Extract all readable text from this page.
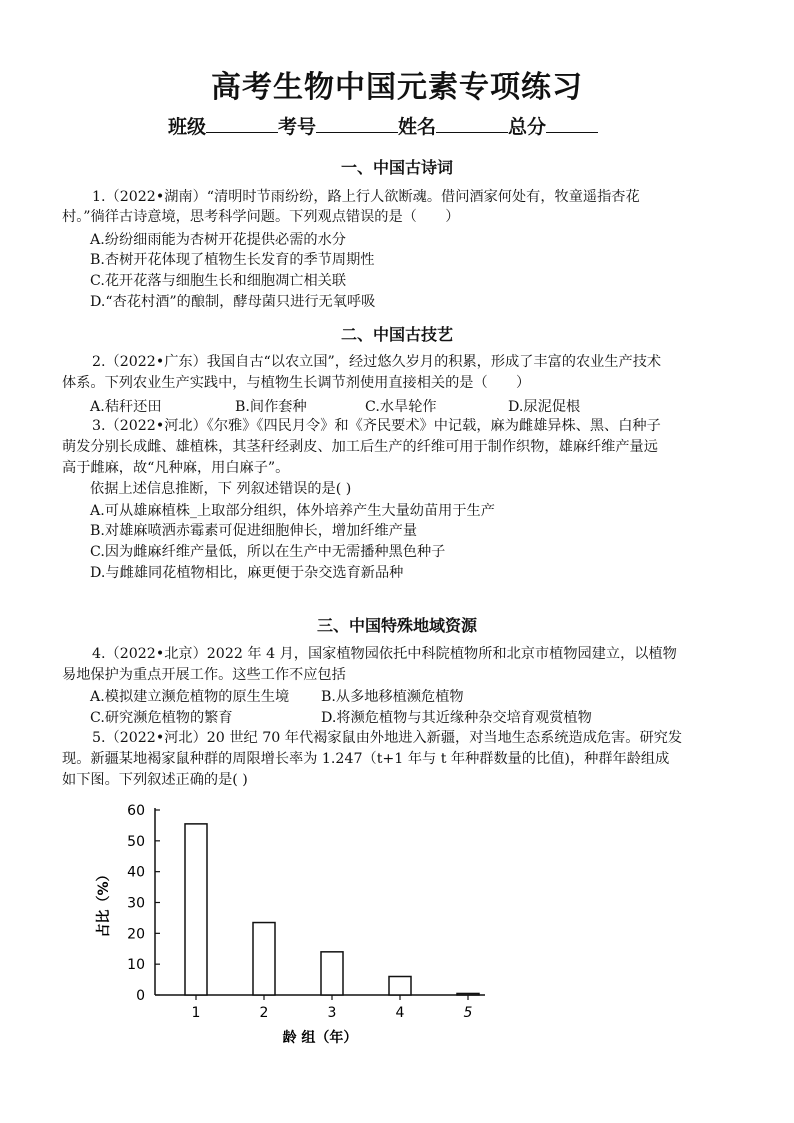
高考生物中国元素专项练习
班级	考号	姓名	总分
一、中国古诗词
1.（2022•湖南）“清明时节雨纷纷，路上行人欲断魂。借问酒家何处有，牧童遥指杏花
村。”徜徉古诗意境，思考科学问题。下列观点错误的是（　　）
A.纷纷细雨能为杏树开花提供必需的水分
B.杏树开花体现了植物生长发育的季节周期性
C.花开花落与细胞生长和细胞凋亡相关联
D.“杏花村酒”的酿制，酵母菌只进行无氧呼吸
二、中国古技艺
2.（2022•广东）我国自古“以农立国”，经过悠久岁月的积累，形成了丰富的农业生产技术
体系。下列农业生产实践中，与植物生长调节剂使用直接相关的是（　　）
A.秸秆还田	B.间作套种	C.水旱轮作	D.尿泥促根
3.（2022•河北）《尔雅》《四民月令》和《齐民要术》中记载，麻为雌雄异株、黑、白种子
萌发分别长成雌、雄植株，其茎秆经剥皮、加工后生产的纤维可用于制作织物，雄麻纤维产量远
高于雌麻，故“凡种麻，用白麻子”。
依据上述信息推断，下 列叙述错误的是( )
A.可从雄麻植株_上取部分组织，体外培养产生大量幼苗用于生产
B.对雄麻喷洒赤霉素可促进细胞伸长，增加纤维产量
C.因为雌麻纤维产量低，所以在生产中无需播种黑色种子
D.与雌雄同花植物相比，麻更便于杂交选育新品种
三、中国特殊地域资源
4.（2022•北京）2022 年 4 月，国家植物园依托中科院植物所和北京市植物园建立，以植物
易地保护为重点开展工作。这些工作不应包括
A.模拟建立濒危植物的原生生境 B.从多地移植濒危植物
C.研究濒危植物的繁育	D.将濒危植物与其近缘种杂交培育观赏植物
5.（2022•河北）20 世纪 70 年代褐家鼠由外地进入新疆，对当地生态系统造成危害。研究发
现。新疆某地褐家鼠种群的周限增长率为 1.247（t+1 年与 t 年种群数量的比值)，种群年龄组成
如下图。下列叙述正确的是( )
0
10
20
30
40
50
60
1	2	3	4	5
占比（%）
龄 组（年）
